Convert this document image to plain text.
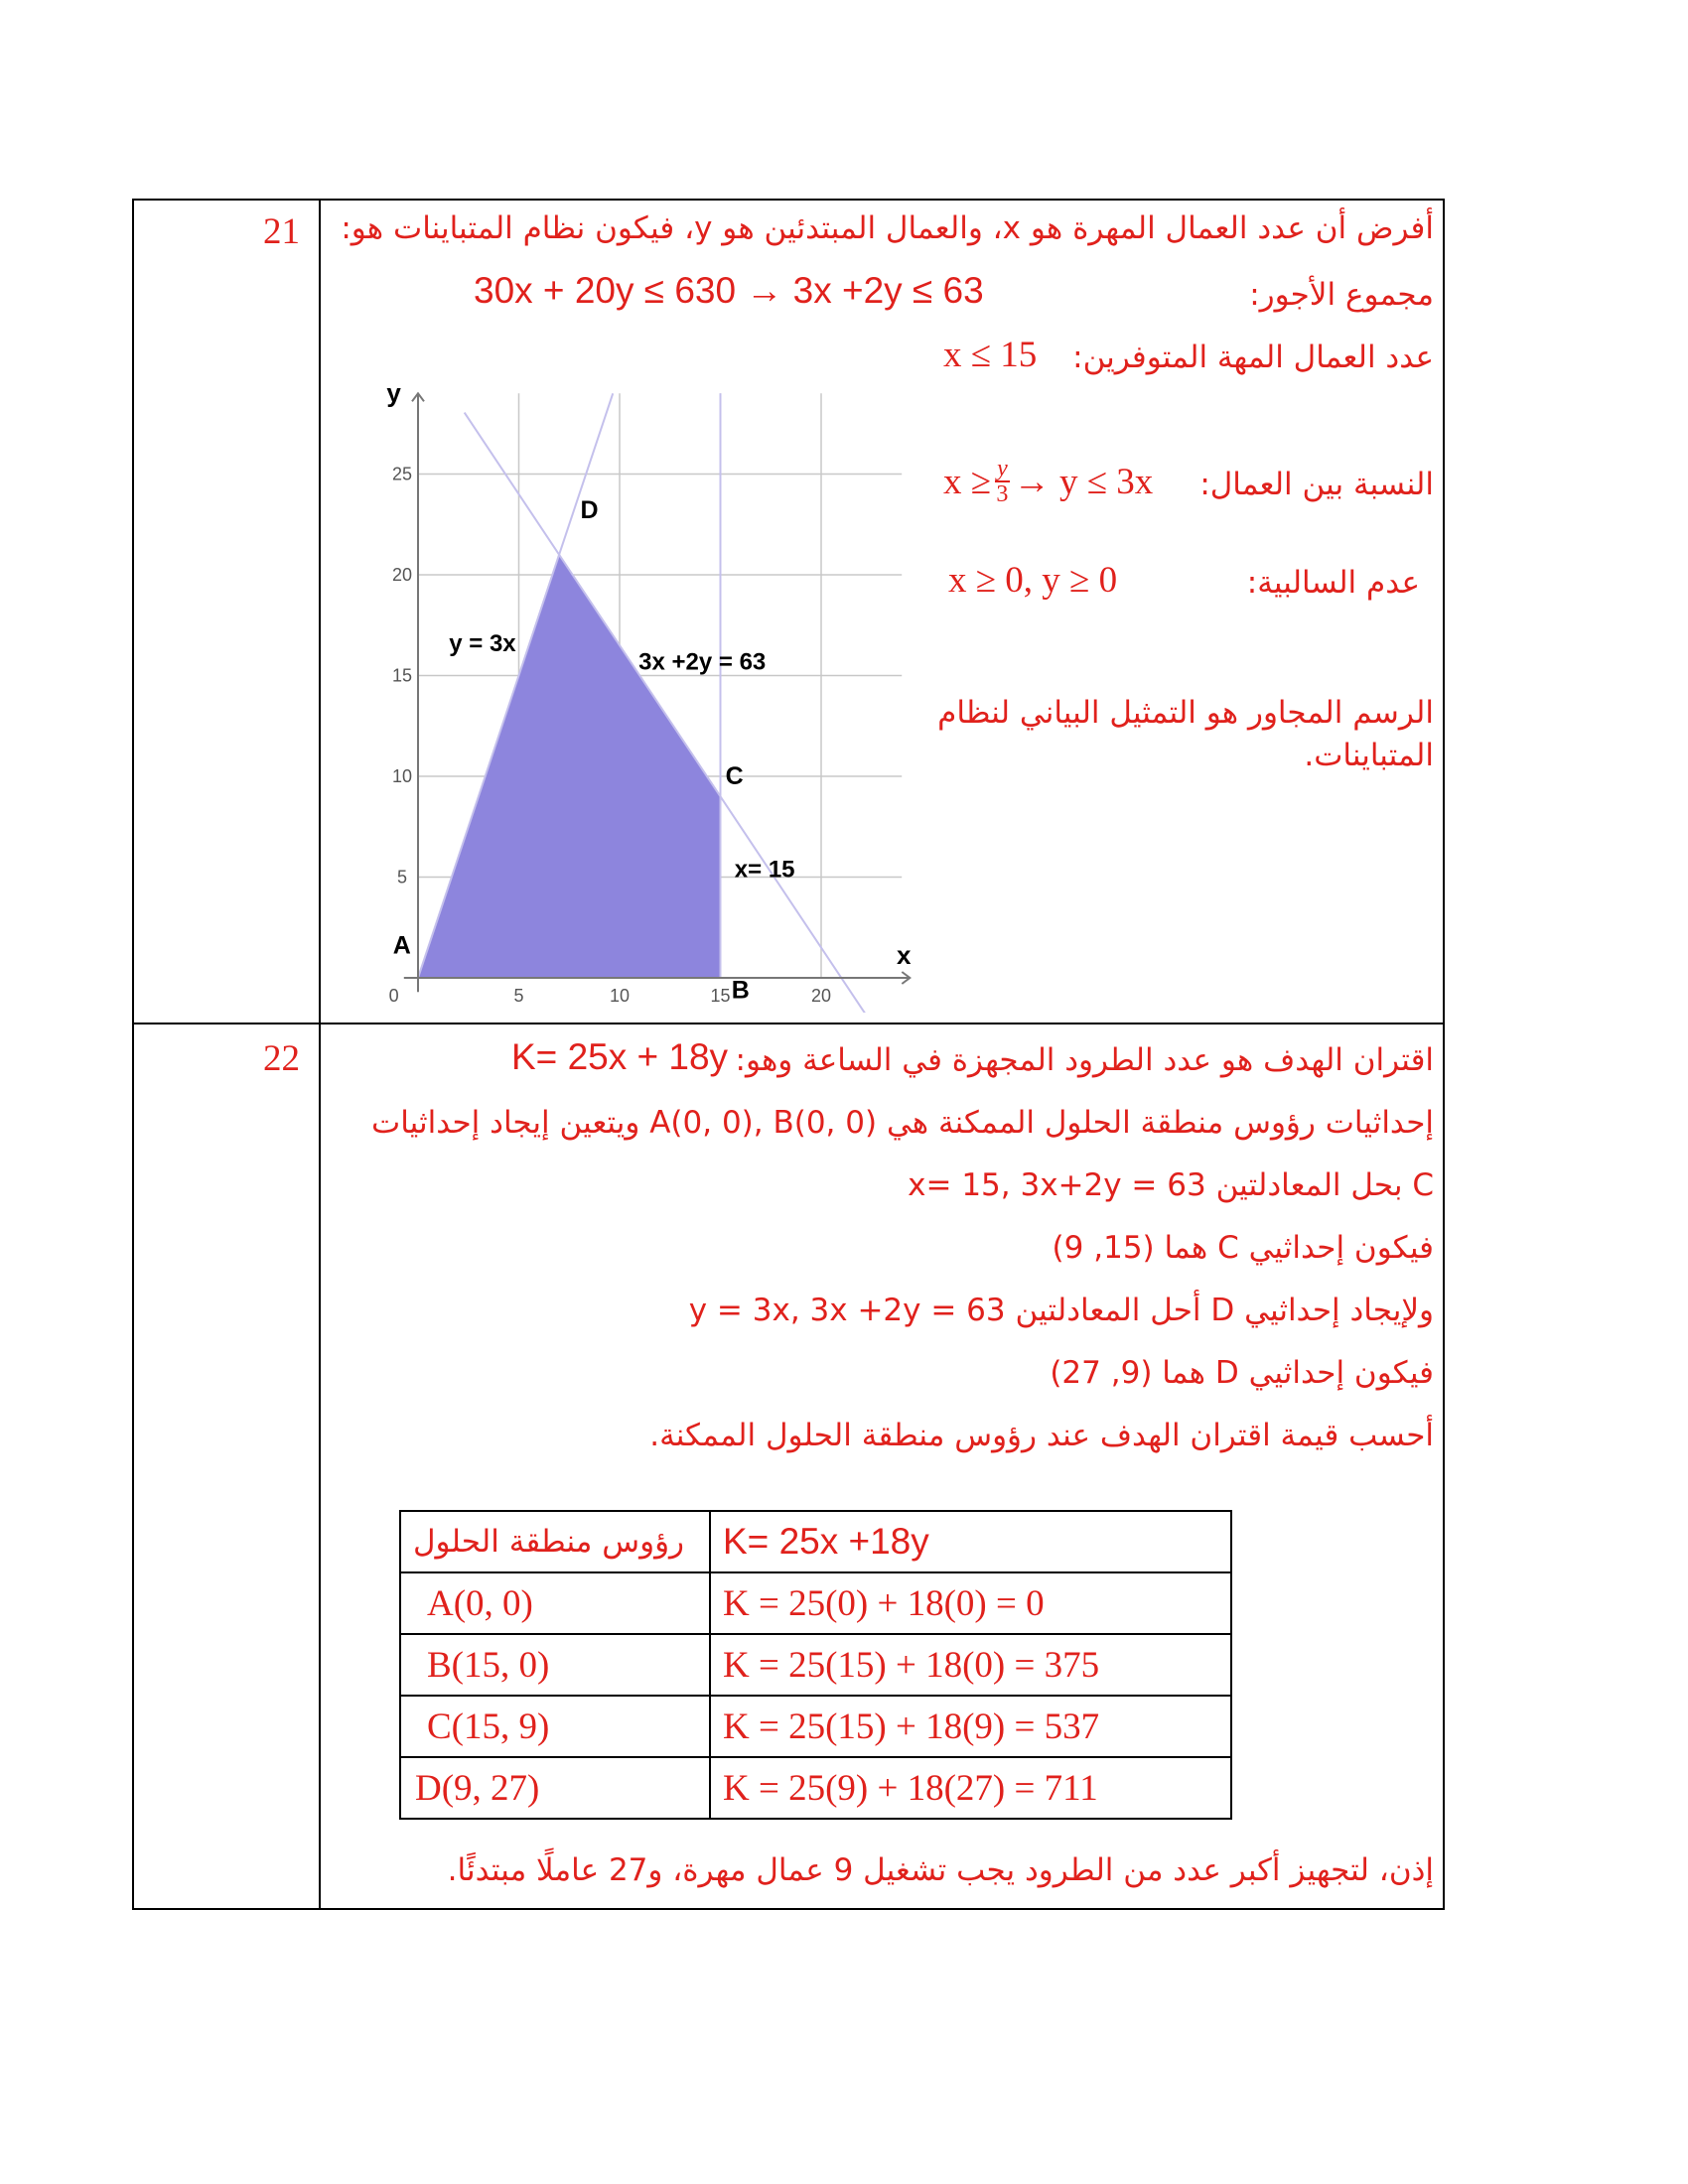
21 أفرض أن عدد العمال المهرة هو x، والعمال المبتدئين هو y، فيكون نظام المتباينات هو:
مجموع الأجور:
30x + 20y ≤ 630 → 3x +2y ≤ 63
عدد العمال المهة المتوفرين:
x ≤ 15
النسبة بين العمال:
$x \ge \frac{y}{3} \to y \le 3x$
عدم السالبية:
x ≥ 0, y ≥ 0
الرسم المجاور هو التمثيل البياني لنظام
المتباينات.
5	10	15	20
5
10
15
20
25
0
y
x
A
B
C
D
y = 3x
3x +2y = 63
x= 15
22	اقتران الهدف هو عدد الطرود المجهزة في الساعة وهو:
K= 25x + 18y
إحداثيات رؤوس منطقة الحلول الممكنة هي A(0, 0), B(0, 0) ويتعين إيجاد إحداثيات
C بحل المعادلتين x= 15, 3x+2y = 63
فيكون إحداثيي C هما (15, 9)
ولإيجاد إحداثيي D أحل المعادلتين y = 3x, 3x +2y = 63
فيكون إحداثيي D هما (9, 27)
أحسب قيمة اقتران الهدف عند رؤوس منطقة الحلول الممكنة.
رؤوس منطقة الحلول	K= 25x +18y
A(0, 0)	K = 25(0) + 18(0) = 0
B(15, 0)	K = 25(15) + 18(0) = 375
C(15, 9)	K = 25(15) + 18(9) = 537
D(9, 27)	K = 25(9) + 18(27) = 711
إذن، لتجهيز أكبر عدد من الطرود يجب تشغيل 9 عمال مهرة، و27 عاملًا مبتدئًا.
